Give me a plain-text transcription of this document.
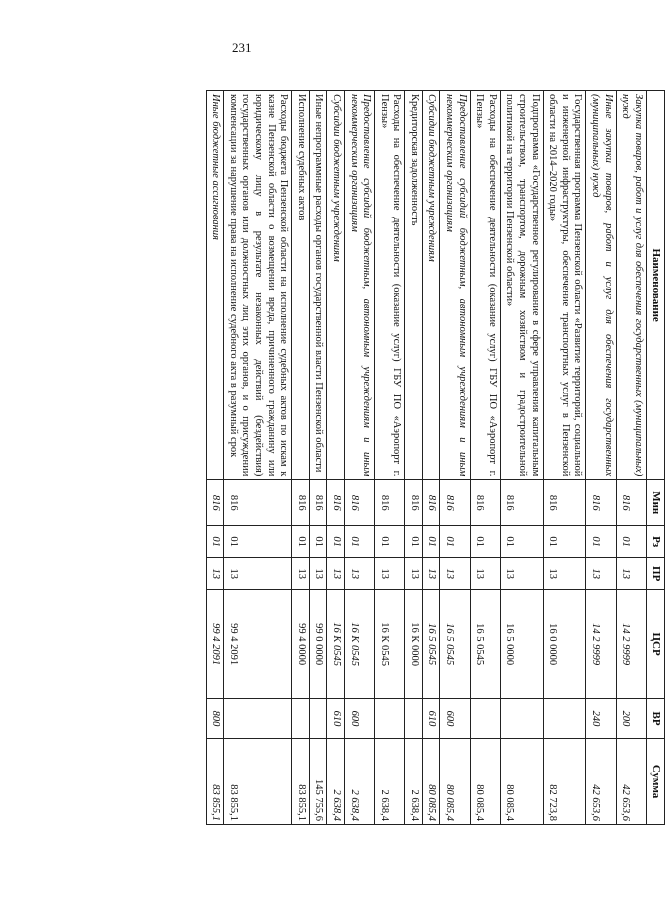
231
Наименование	Мин	Рз	ПР	ЦСР	ВР	Сумма
Закупка товаров, работ и услуг для обеспечения государственных (муниципальных) нужд	816	01	13	14 2 9999	200	42 653,6
Иные закупки товаров, работ и услуг для обеспечения государственных (муниципальных) нужд	816	01	13	14 2 9999	240	42 653,6
Государственная программа Пензенской области «Развитие территорий, социальной и инженерной инфраструктуры, обеспечение транспортных услуг в Пензенской области на 2014–2020 годы»	816	01	13	16 0 0000		82 723,8
Подпрограмма «Государственное регулирование в сфере управления капитальным строительством, транспортом, дорожным хозяйством и градостроительной политикой на территории Пензенской области»	816	01	13	16 5 0000		80 085,4
Расходы на обеспечение деятельности (оказание услуг) ГБУ ПО «Аэропорт г. Пензы»	816	01	13	16 5 0545		80 085,4
Предоставление субсидий бюджетным, автономным учреждениям и иным некоммерческим организациям	816	01	13	16 5 0545	600	80 085,4
Субсидии бюджетным учреждениям	816	01	13	16 5 0545	610	80 085,4
Кредиторская задолженность	816	01	13	16 К 0000		2 638,4
Расходы на обеспечение деятельности (оказание услуг) ГБУ ПО «Аэропорт г. Пензы»	816	01	13	16 К 0545		2 638,4
Предоставление субсидий бюджетным, автономным учреждениям и иным некоммерческим организациям	816	01	13	16 К 0545	600	2 638,4
Субсидии бюджетным учреждениям	816	01	13	16 К 0545	610	2 638,4
Иные непрограммные расходы органов государственной власти Пензенской области	816	01	13	99 0 0000		145 755,6
Исполнение судебных актов	816	01	13	99 4 0000		83 855,1
Расходы бюджета Пензенской области на исполнение судебных актов по искам к казне Пензенской области о возмещении вреда, причиненного гражданину или юридическому лицу в результате незаконных действий (бездействия) государственных органов или должностных лиц этих органов, и о присуждении компенсации за нарушение права на исполнение судебного акта в разумный срок	816	01	13	99 4 2091		83 855,1
Иные бюджетные ассигнования	816	01	13	99 4 2091	800	83 855,1
